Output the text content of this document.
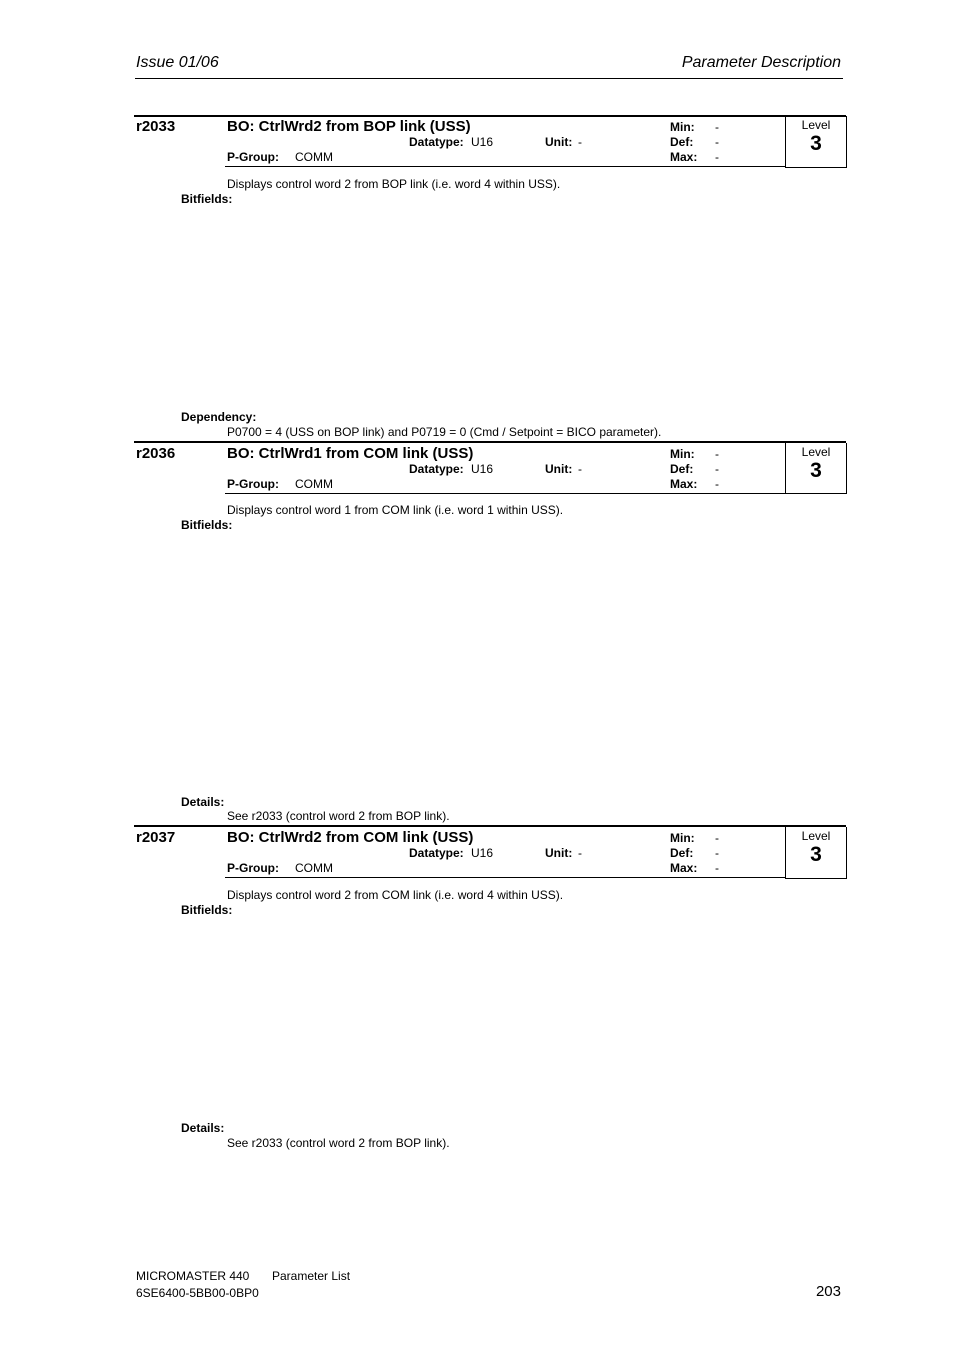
Issue 01/06	Parameter Description
r2033	BO: CtrlWrd2 from BOP link (USS)
Datatype: U16	Unit: -
P-Group: COMM
Min: -
Def: -
Max: -
Level
3
Displays control word 2 from BOP link (i.e. word 4 within USS).
Bitfields:
Dependency:
P0700 = 4 (USS on BOP link) and P0719 = 0 (Cmd / Setpoint = BICO parameter).
r2036	BO: CtrlWrd1 from COM link (USS)
Datatype: U16	Unit: -
P-Group: COMM
Min: -
Def: -
Max: -
Level
3
Displays control word 1 from COM link (i.e. word 1 within USS).
Bitfields:
Details:
See r2033 (control word 2 from BOP link).
r2037	BO: CtrlWrd2 from COM link (USS)
Datatype: U16	Unit: -
P-Group: COMM
Min: -
Def: -
Max: -
Level
3
Displays control word 2 from COM link (i.e. word 4 within USS).
Bitfields:
Details:
See r2033 (control word 2 from BOP link).
MICROMASTER 440 Parameter List
6SE6400-5BB00-0BP0	203
